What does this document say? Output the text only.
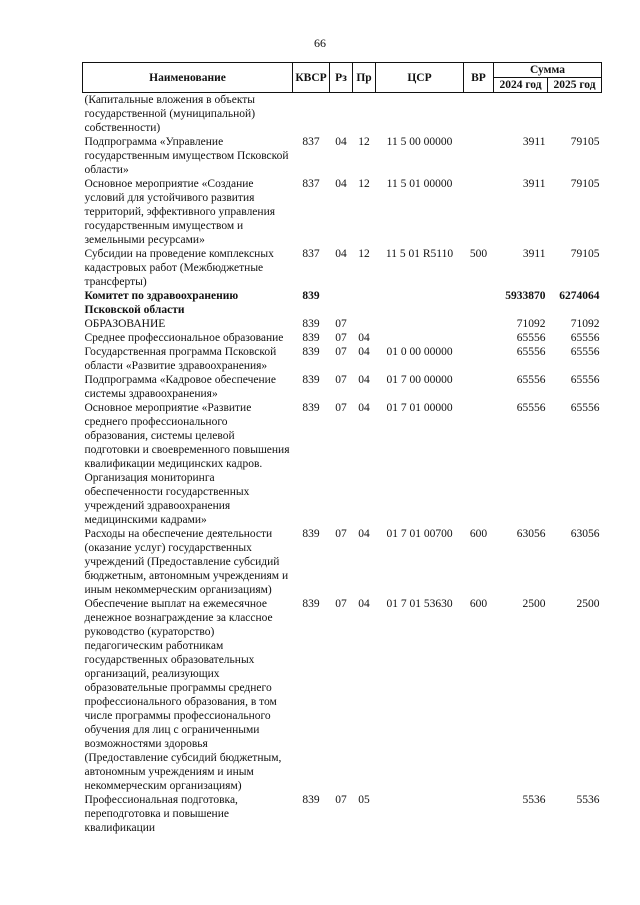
66
Наименование	КВСР	Рз	Пр	ЦСР	ВР	Сумма	
						2024 год	2025 год
(Капитальные вложения в объекты государственной (муниципальной) собственности)							
Подпрограмма «Управление государственным имуществом Псковской области»	837	04	12	11 5 00 00000		3911	79105
Основное мероприятие «Создание условий для устойчивого развития территорий, эффективного управления государственным имуществом и земельными ресурсами»	837	04	12	11 5 01 00000		3911	79105
Субсидии на проведение комплексных кадастровых работ (Межбюджетные трансферты)	837	04	12	11 5 01 R5110	500	3911	79105
Комитет по здравоохранению Псковской области	839					5933870	6274064
ОБРАЗОВАНИЕ	839	07				71092	71092
Среднее профессиональное образование	839	07	04			65556	65556
Государственная программа Псковской области «Развитие здравоохранения»	839	07	04	01 0 00 00000		65556	65556
Подпрограмма «Кадровое обеспечение системы здравоохранения»	839	07	04	01 7 00 00000		65556	65556
Основное мероприятие «Развитие среднего профессионального образования, системы целевой подготовки и своевременного повышения квалификации медицинских кадров. Организация мониторинга обеспеченности государственных учреждений здравоохранения медицинскими кадрами»	839	07	04	01 7 01 00000		65556	65556
Расходы на обеспечение деятельности (оказание услуг) государственных учреждений (Предоставление субсидий бюджетным, автономным учреждениям и иным некоммерческим организациям)	839	07	04	01 7 01 00700	600	63056	63056
Обеспечение выплат на ежемесячное денежное вознаграждение за классное руководство (кураторство) педагогическим работникам государственных образовательных организаций, реализующих образовательные программы среднего профессионального образования, в том числе программы профессионального обучения для лиц с ограниченными возможностями здоровья (Предоставление субсидий бюджетным, автономным учреждениям и иным некоммерческим организациям)	839	07	04	01 7 01 53630	600	2500	2500
Профессиональная подготовка, переподготовка и повышение квалификации	839	07	05			5536	5536
